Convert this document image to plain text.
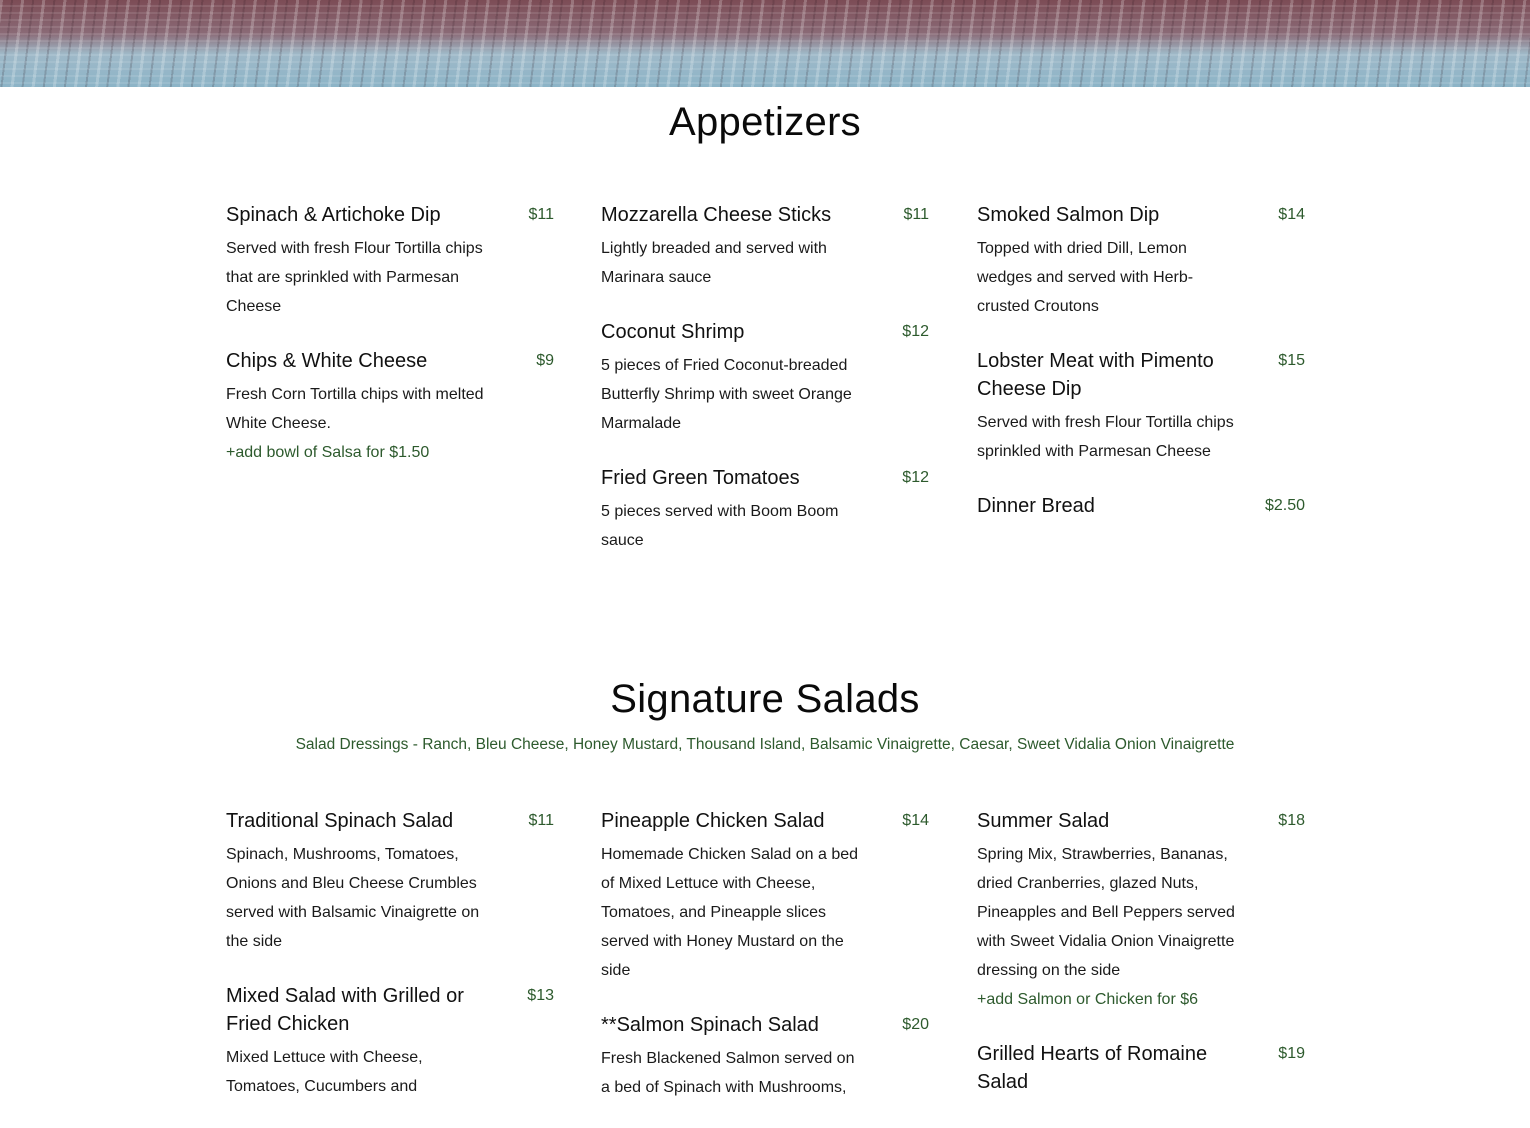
Appetizers
Spinach & Artichoke Dip	$11
Served with fresh Flour Tortilla chips that are sprinkled with Parmesan Cheese
Chips & White Cheese	$9
Fresh Corn Tortilla chips with melted White Cheese.
+add bowl of Salsa for $1.50
Mozzarella Cheese Sticks	$11
Lightly breaded and served with Marinara sauce
Coconut Shrimp	$12
5 pieces of Fried Coconut-breaded Butterfly Shrimp with sweet Orange Marmalade
Fried Green Tomatoes	$12
5 pieces served with Boom Boom sauce
Smoked Salmon Dip	$14
Topped with dried Dill, Lemon wedges and served with Herb-crusted Croutons
Lobster Meat with Pimento Cheese Dip
$15
Served with fresh Flour Tortilla chips sprinkled with Parmesan Cheese
Dinner Bread	$2.50
Signature Salads

Salad Dressings - Ranch, Bleu Cheese, Honey Mustard, Thousand Island, Balsamic Vinaigrette, Caesar, Sweet Vidalia Onion Vinaigrette

Traditional Spinach Salad	$11
Spinach, Mushrooms, Tomatoes, Onions and Bleu Cheese Crumbles served with Balsamic Vinaigrette on the side
Mixed Salad with Grilled or Fried Chicken
$13
Mixed Lettuce with Cheese, Tomatoes, Cucumbers and
Pineapple Chicken Salad	$14
Homemade Chicken Salad on a bed of Mixed Lettuce with Cheese, Tomatoes, and Pineapple slices served with Honey Mustard on the side
**Salmon Spinach Salad	$20
Fresh Blackened Salmon served on a bed of Spinach with Mushrooms,
Summer Salad	$18
Spring Mix, Strawberries, Bananas, dried Cranberries, glazed Nuts, Pineapples and Bell Peppers served with Sweet Vidalia Onion Vinaigrette dressing on the side
+add Salmon or Chicken for $6
Grilled Hearts of Romaine Salad
$19
